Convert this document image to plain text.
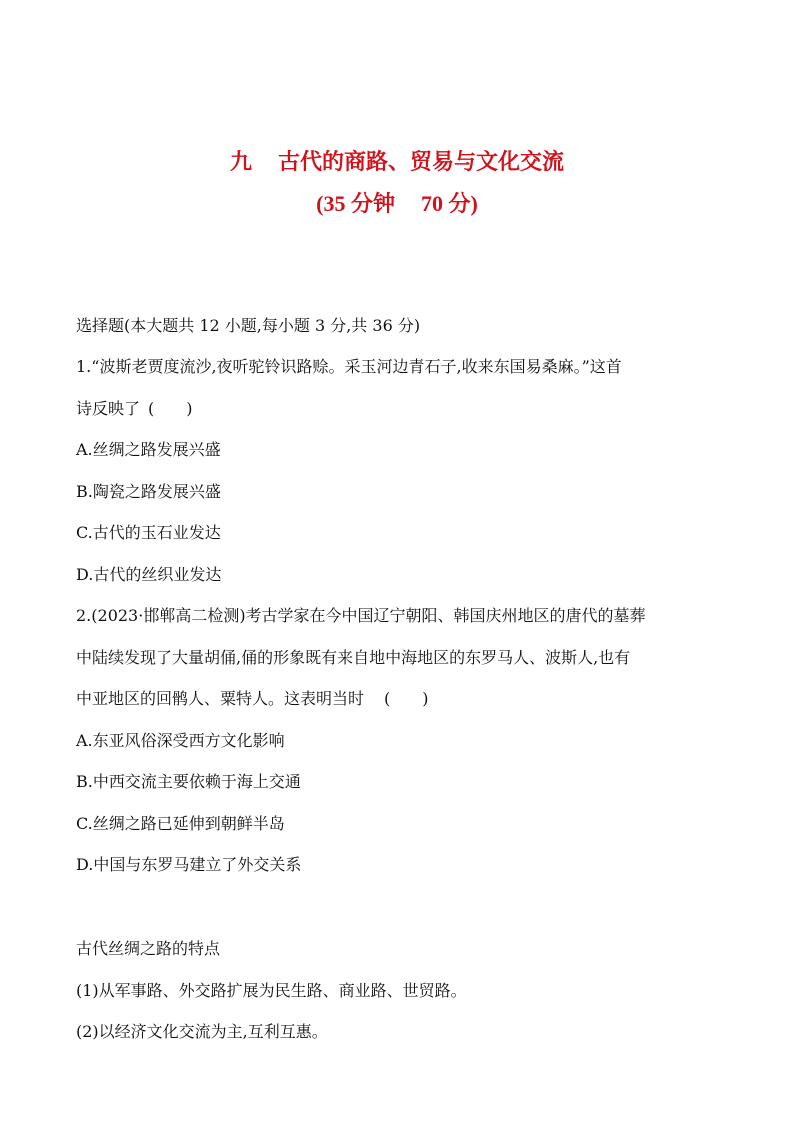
九 古代的商路、贸易与文化交流
(35 分钟 70 分)
选择题(本大题共 12 小题,每小题 3 分,共 36 分)
1.“波斯老贾度流沙,夜听驼铃识路赊。采玉河边青石子,收来东国易桑麻。”这首
诗反映了 (　　)
A.丝绸之路发展兴盛
B.陶瓷之路发展兴盛
C.古代的玉石业发达
D.古代的丝织业发达
2.(2023·邯郸高二检测)考古学家在今中国辽宁朝阳、韩国庆州地区的唐代的墓葬
中陆续发现了大量胡俑,俑的形象既有来自地中海地区的东罗马人、波斯人,也有
中亚地区的回鹘人、粟特人。这表明当时 (　　)
A.东亚风俗深受西方文化影响
B.中西交流主要依赖于海上交通
C.丝绸之路已延伸到朝鲜半岛
D.中国与东罗马建立了外交关系
古代丝绸之路的特点
(1)从军事路、外交路扩展为民生路、商业路、世贸路。
(2)以经济文化交流为主,互利互惠。
